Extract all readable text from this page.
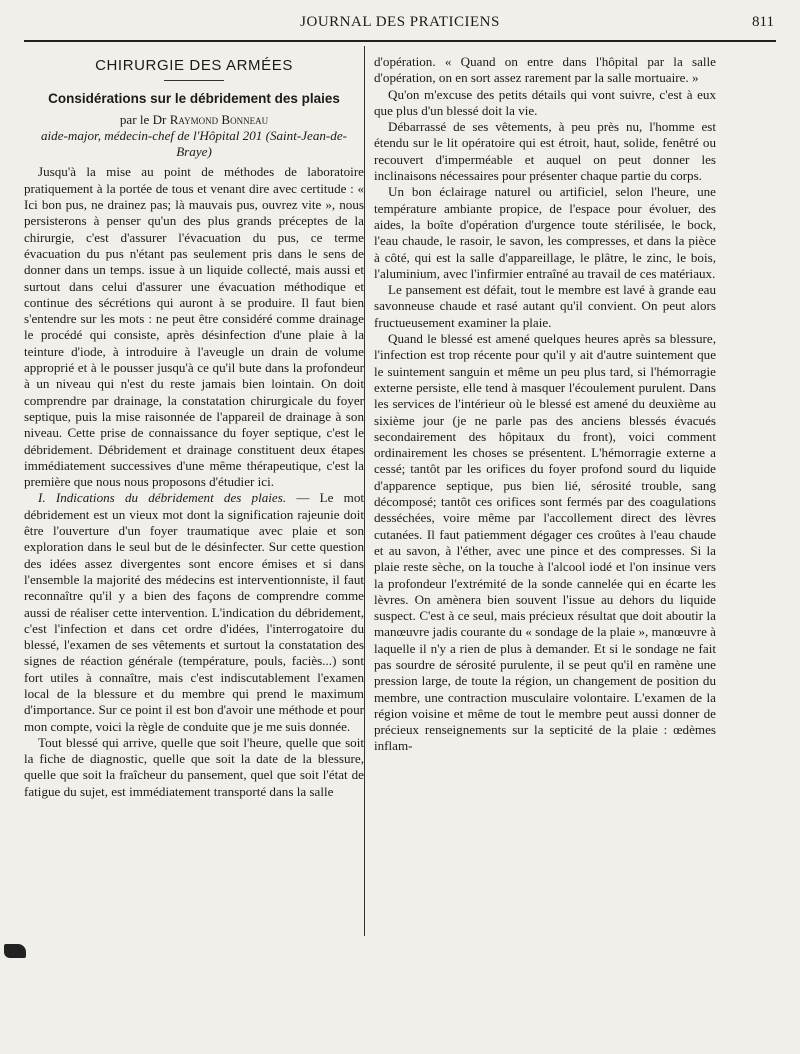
JOURNAL DES PRATICIENS	811
CHIRURGIE DES ARMÉES
Considérations sur le débridement des plaies

par le Dr Raymond Bonneau

aide-major, médecin-chef de l'Hôpital 201 (Saint-Jean-de-Braye)

Jusqu'à la mise au point de méthodes de laboratoire pratiquement à la portée de tous et venant dire avec certitude : « Ici bon pus, ne drainez pas; là mauvais pus, ouvrez vite », nous persisterons à penser qu'un des plus grands préceptes de la chirurgie, c'est d'assurer l'évacuation du pus, ce terme évacuation du pus n'étant pas seulement pris dans le sens de donner dans un temps. issue à un liquide collecté, mais aussi et surtout dans celui d'assurer une évacuation méthodique et continue des sécrétions qui auront à se produire. Il faut bien s'entendre sur les mots : ne peut être considéré comme drainage le procédé qui consiste, après désinfection d'une plaie à la teinture d'iode, à introduire à l'aveugle un drain de volume approprié et à le pousser jusqu'à ce qu'il bute dans la profondeur à un niveau qui n'est du reste jamais bien lointain. On doit comprendre par drainage, la constatation chirurgicale du foyer septique, puis la mise raisonnée de l'appareil de drainage à son niveau. Cette prise de connaissance du foyer septique, c'est le débridement. Débridement et drainage constituent deux étapes immédiatement successives d'une même thérapeutique, c'est la première que nous nous proposons d'étudier ici.

I. Indications du débridement des plaies. — Le mot débridement est un vieux mot dont la signification rajeunie doit être l'ouverture d'un foyer traumatique avec plaie et son exploration dans le seul but de le désinfecter. Sur cette question des idées assez divergentes sont encore émises et si dans l'ensemble la majorité des médecins est interventionniste, il faut reconnaître qu'il y a bien des façons de comprendre comme aussi de réaliser cette intervention. L'indication du débridement, c'est l'infection et dans cet ordre d'idées, l'interrogatoire du blessé, l'examen de ses vêtements et surtout la constatation des signes de réaction générale (température, pouls, faciès...) sont fort utiles à connaître, mais c'est indiscutablement l'examen local de la blessure et du membre qui prend le maximum d'importance. Sur ce point il est bon d'avoir une méthode et pour mon compte, voici la règle de conduite que je me suis donnée.

Tout blessé qui arrive, quelle que soit l'heure, quelle que soit la fiche de diagnostic, quelle que soit la date de la blessure, quelle que soit la fraîcheur du pansement, quel que soit l'état de fatigue du sujet, est immédiatement transporté dans la salle

d'opération. « Quand on entre dans l'hôpital par la salle d'opération, on en sort assez rarement par la salle mortuaire. »

Qu'on m'excuse des petits détails qui vont suivre, c'est à eux que plus d'un blessé doit la vie.

Débarrassé de ses vêtements, à peu près nu, l'homme est étendu sur le lit opératoire qui est étroit, haut, solide, fenêtré ou recouvert d'imperméable et auquel on peut donner les inclinaisons nécessaires pour présenter chaque partie du corps.

Un bon éclairage naturel ou artificiel, selon l'heure, une température ambiante propice, de l'espace pour évoluer, des aides, la boîte d'opération d'urgence toute stérilisée, le bock, l'eau chaude, le rasoir, le savon, les compresses, et dans la pièce à côté, qui est la salle d'appareillage, le plâtre, le zinc, le bois, l'aluminium, avec l'infirmier entraîné au travail de ces matériaux.

Le pansement est défait, tout le membre est lavé à grande eau savonneuse chaude et rasé autant qu'il convient. On peut alors fructueusement examiner la plaie.

Quand le blessé est amené quelques heures après sa blessure, l'infection est trop récente pour qu'il y ait d'autre suintement que le suintement sanguin et même un peu plus tard, si l'hémorragie externe persiste, elle tend à masquer l'écoulement purulent. Dans les services de l'intérieur où le blessé est amené du deuxième au sixième jour (je ne parle pas des anciens blessés évacués secondairement des hôpitaux du front), voici comment ordinairement les choses se présentent. L'hémorragie externe a cessé; tantôt par les orifices du foyer profond sourd du liquide d'apparence septique, pus bien lié, sérosité trouble, sang décomposé; tantôt ces orifices sont fermés par des coagulations desséchées, voire même par l'accollement direct des lèvres cutanées. Il faut patiemment dégager ces croûtes à l'eau chaude et au savon, à l'éther, avec une pince et des compresses. Si la plaie reste sèche, on la touche à l'alcool iodé et l'on insinue vers la profondeur l'extrémité de la sonde cannelée qui en écarte les lèvres. On amènera bien souvent l'issue au dehors du liquide suspect. C'est à ce seul, mais précieux résultat que doit aboutir la manœuvre jadis courante du « sondage de la plaie », manœuvre à laquelle il n'y a rien de plus à demander. Et si le sondage ne fait pas sourdre de sérosité purulente, il se peut qu'il en ramène une pression large, de toute la région, un changement de position du membre, une contraction musculaire volontaire. L'examen de la région voisine et même de tout le membre peut aussi donner de précieux renseignements sur la septicité de la plaie : œdèmes inflam-
